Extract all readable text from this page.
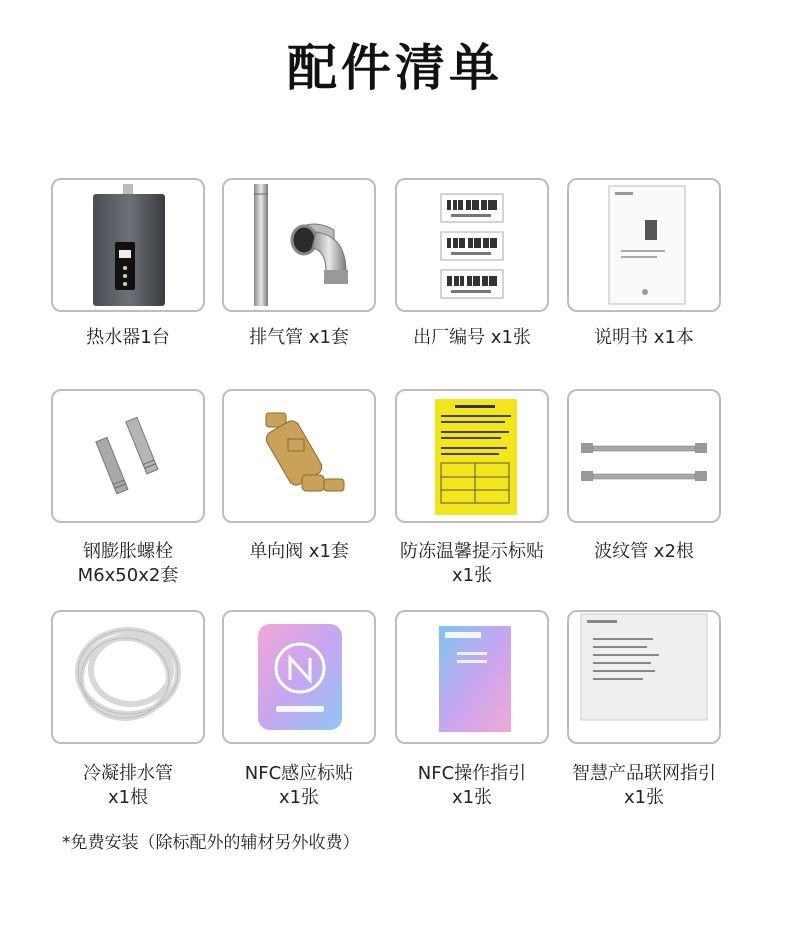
配件清单
热水器1台	排气管 x1套	出厂编号 x1张	说明书 x1本
钢膨胀螺栓
M6x50x2套
单向阀 x1套	防冻温馨提示标贴
x1张
波纹管 x2根
冷凝排水管
x1根
NFC感应标贴
x1张
NFC操作指引
x1张
智慧产品联网指引
x1张
*免费安装（除标配外的辅材另外收费）
